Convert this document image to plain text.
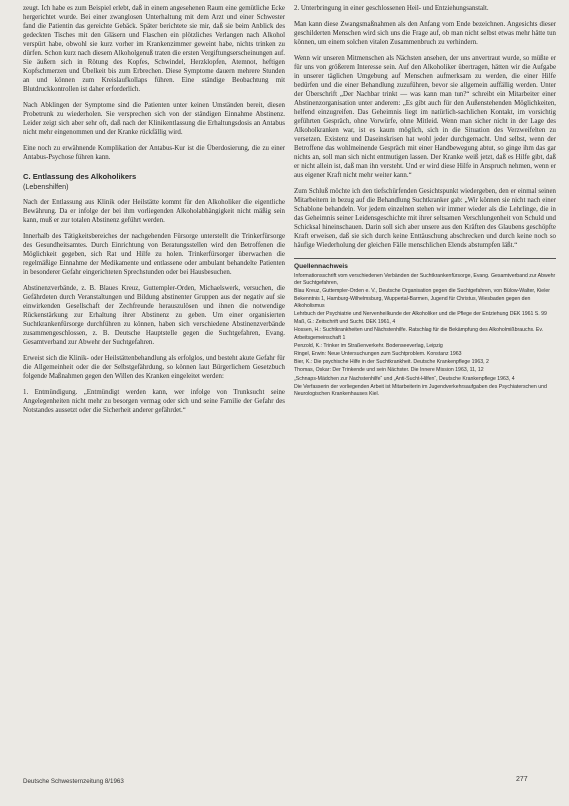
zeugt. Ich habe es zum Beispiel erlebt, daß in einem angesehenen Raum eine gemütliche Ecke hergerichtet wurde. Bei einer zwanglosen Unterhaltung mit dem Arzt und einer Schwester fand die Patientin das gereichte Gebäck. Später berichtete sie mir, daß sie beim Anblick des gedeckten Tisches mit den Gläsern und Flaschen ein plötzliches Verlangen nach Alkohol verspürt habe, obwohl sie kurz vorher im Krankenzimmer geweint habe, nichts trinken zu dürfen. Schon kurz nach diesem Alkoholgenuß traten die ersten Vergiftungserscheinungen auf. Sie äußern sich in Rötung des Kopfes, Schwindel, Herzklopfen, Atemnot, heftigen Kopfschmerzen und Übelkeit bis zum Erbrechen. Diese Symptome dauern mehrere Stunden an und können zum Kreislaufkollaps führen. Eine ständige Beobachtung mit Blutdruckkontrollen ist daher erforderlich.

Nach Abklingen der Symptome sind die Patienten unter keinen Umständen bereit, diesen Probetrunk zu wiederholen. Sie versprechen sich von der ständigen Einnahme Abstinenz. Leider zeigt sich aber sehr oft, daß nach der Klinikentlassung die Erhaltungsdosis an Antabus nicht mehr eingenommen und der Kranke rückfällig wird.

Eine noch zu erwähnende Komplikation der Antabus-Kur ist die Überdosierung, die zu einer Antabus-Psychose führen kann.

C. Entlassung des Alkoholikers
(Lebenshilfen)

Nach der Entlassung aus Klinik oder Heilstätte kommt für den Alkoholiker die eigentliche Bewährung. Da er infolge der bei ihm vorliegenden Alkoholabhängigkeit nicht mäßig sein kann, muß er zur totalen Abstinenz geführt werden.

Innerhalb des Tätigkeitsbereiches der nachgehenden Fürsorge unterstellt die Trinkerfürsorge des Gesundheitsamtes. Durch Einrichtung von Beratungsstellen wird den Betroffenen die Möglichkeit gegeben, sich Rat und Hilfe zu holen. Trinkerfürsorger überwachen die regelmäßige Einnahme der Medikamente und entlassene oder ambulant behandelte Patienten in besonderer Gefahr eingerichteten Sprechstunden oder bei Hausbesuchen.

Abstinenzverbände, z. B. Blaues Kreuz, Guttempler-Orden, Michaelswerk, versuchen, die Gefährdeten durch Veranstaltungen und Bildung abstinenter Gruppen aus der negativ auf sie einwirkenden Gesellschaft der Zechfreunde herauszulösen und ihnen die notwendige Rückenstärkung zur Erhaltung ihrer Abstinenz zu geben. Um einer organisierten Suchtkrankenfürsorge durchführen zu können, haben sich verschiedene Abstinenzverbände zusammengeschlossen, z. B. Deutsche Hauptstelle gegen die Suchtgefahren, Evang. Gesamtverband zur Abwehr der Suchtgefahren.

Erweist sich die Klinik- oder Heilstättenbehandlung als erfolglos, und besteht akute Gefahr für die Allgemeinheit oder die der Selbstgefährdung, so können laut Bürgerlichem Gesetzbuch folgende Maßnahmen gegen den Willen des Kranken eingeleitet werden:

1. Entmündigung. „Entmündigt werden kann, wer infolge von Trunksucht seine Angelegenheiten nicht mehr zu besorgen vermag oder sich und seine Familie der Gefahr des Notstandes aussetzt oder die Sicherheit anderer gefährdet.“

2. Unterbringung in einer geschlossenen Heil- und Entziehungsanstalt.

Man kann diese Zwangsmaßnahmen als den Anfang vom Ende bezeichnen. Angesichts dieser geschilderten Menschen wird sich uns die Frage auf, ob man nicht selbst etwas mehr hätte tun können, um einem solchen vitalen Zusammenbruch zu verhindern.

Wenn wir unseren Mitmenschen als Nächsten ansehen, der uns anvertraut wurde, so müßte er für uns von größerem Interesse sein. Auf den Alkoholiker übertragen, hätten wir die Aufgabe in unserer täglichen Umgebung auf Menschen aufmerksam zu werden, die einer Hilfe bedürfen und die einer Behandlung zuzuführen, bevor sie allgemein auffällig werden. Unter der Überschrift „Der Nachbar trinkt — was kann man tun?“ schreibt ein Mitarbeiter einer Abstinenzorganisation unter anderem: „Es gibt auch für den Außenstehenden Möglichkeiten, helfend einzugreifen. Das Geheimnis liegt im natürlich-sachlichen Kontakt, im vorsichtig geführten Gespräch, ohne Vorwürfe, ohne Mitleid. Wenn man sicher nicht in der Lage des Alkoholkranken war, ist es kaum möglich, sich in die Situation des Verzweifelten zu versetzen. Existenz und Daseinskrisen hat wohl jeder durchgemacht. Und selbst, wenn der Betroffene das wohlmeinende Gespräch mit einer Handbewegung abtut, so ginge ihm das gar nichts an, soll man sich nicht entmutigen lassen. Der Kranke weiß jetzt, daß es Hilfe gibt, daß er nicht allein ist, daß man ihn versteht. Und er wird diese Hilfe in Anspruch nehmen, wenn er aus eigener Kraft nicht mehr weiter kann.“

Zum Schluß möchte ich den tiefschürfenden Gesichtspunkt wiedergeben, den er einmal seinen Mitarbeitern in bezug auf die Behandlung Suchtkranker gab: „Wir können sie nicht nach einer Schablone behandeln. Vor jedem einzelnen stehen wir immer wieder als die Lehrlinge, die in das Geheimnis seiner Leidensgeschichte mit ihrer seltsamen Verschlungenheit von Schuld und Schicksal hineinschauen. Darin soll sich aber unsere aus den Kräften des Glaubens geschöpfte Kraft erweisen, daß sie sich durch keine Enttäuschung abschrecken und durch keine noch so häufige Wiederholung der gleichen Fälle menschlichen Elends abstumpfen läßt.“

Quellennachweis
Informationsschrift vom verschiedenen Verbänden der Suchtkrankenfürsorge, Evang. Gesamtverband zur Abwehr der Suchtgefahren,
Blau Kreuz, Guttempler-Orden e. V., Deutsche Organisation gegen die Suchtgefahren, von Bülow-Walter, Kieler Bekenntnis 1, Hamburg-Wilhelmsburg, Wuppertal-Barmen, Jugend für Christus, Wiesbaden gegen den Alkoholismus
Lehrbuch der Psychiatrie und Nervenheilkunde der Alkoholiker und die Pflege der Entziehung DEK 1961 S. 99
Maß, G.: Zeitschrift und Sucht. DEK 1961, 4
Hossen, H.: Suchtkrankheiten und Nächstenhilfe. Ratschlag für die Bekämpfung des Alkoholmißbrauchs. Ev. Arbeitsgemeinschaft 1
Penzold, K.: Trinker im Straßenverkehr. Bodenseeverlag, Leipzig
Ringel, Erwin: Neue Untersuchungen zum Suchtproblem. Konstanz 1963
Bier, K.: Die psychische Hilfe in der Suchtkrankheit. Deutsche Krankenpflege 1963, 2
Thomas, Oskar: Der Trinkende und sein Nächster. Die Innere Mission 1963, 11, 12
„Schnaps-Mädchen zur Nachstenhilfe“ und „Anti-Sucht-Hilfen“, Deutsche Krankenpflege 1963, 4
Die Verfasserin der vorliegenden Arbeit ist Mitarbeiterin im Jugendverkehrsaufgaben des Psychiaterschen und Neurologischen Krankenhauses Kiel.
Deutsche Schwesternzeitung 8/1963	277
